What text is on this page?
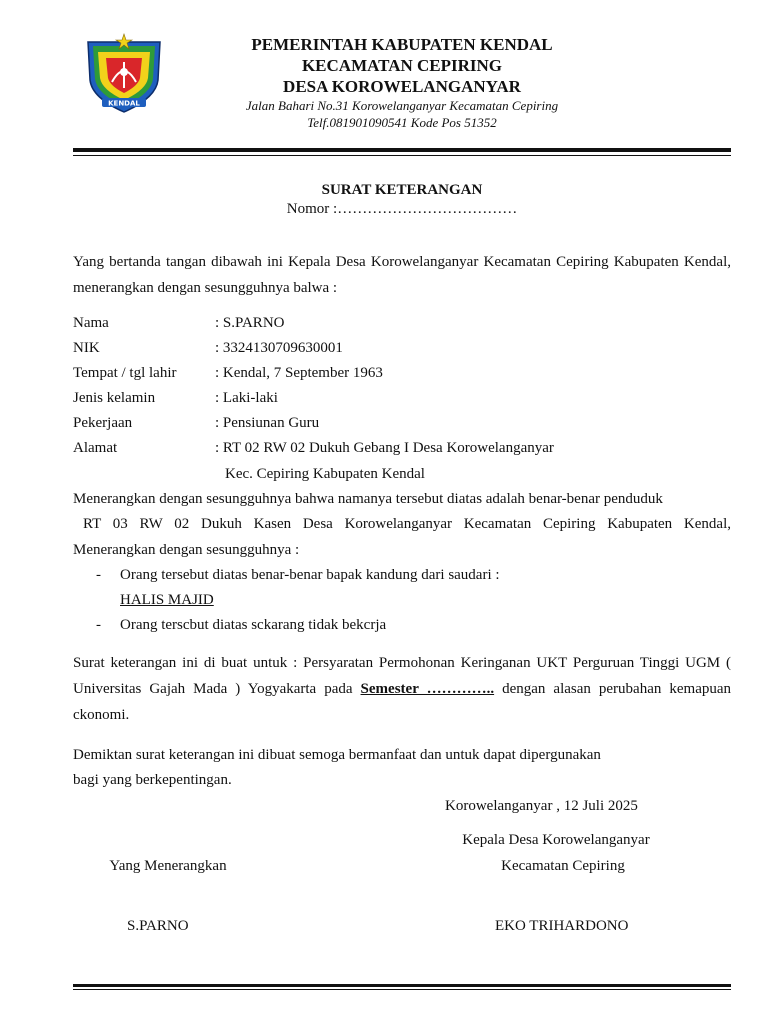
KENDAL
PEMERINTAH KABUPATEN KENDAL
KECAMATAN CEPIRING
DESA KOROWELANGANYAR
Jalan Bahari No.31 Korowelanganyar Kecamatan Cepiring
Telf.081901090541 Kode Pos 51352
SURAT KETERANGAN
Nomor :………………………………
Yang bertanda tangan dibawah ini Kepala Desa Korowelanganyar Kecamatan Cepiring Kabupaten Kendal, menerangkan dengan sesungguhnya balwa :
Nama	: S.PARNO
NIK	: 3324130709630001
Tempat / tgl lahir	: Kendal, 7 September 1963
Jenis kelamin	: Laki-laki
Pekerjaan	: Pensiunan Guru
Alamat	: RT 02 RW 02 Dukuh Gebang I Desa Korowelanganyar
Kec. Cepiring Kabupaten Kendal
Menerangkan dengan sesungguhnya bahwa namanya tersebut diatas adalah benar-benar penduduk
RT 03 RW 02 Dukuh Kasen Desa Korowelanganyar Kecamatan Cepiring Kabupaten Kendal,
Menerangkan dengan sesungguhnya :
- Orang tersebut diatas benar-benar bapak kandung dari saudari :
HALIS MAJID
- Orang terscbut diatas sckarang tidak bekcrja
Surat keterangan ini di buat untuk : Persyaratan Permohonan Keringanan UKT Perguruan Tinggi UGM ( Universitas Gajah Mada ) Yogyakarta pada Semester ………….. dengan alasan perubahan kemapuan ckonomi.
Demiktan surat keterangan ini dibuat semoga bermanfaat dan untuk dapat dipergunakan
bagi yang berkepentingan.
Korowelanganyar , 12 Juli 2025
Kepala Desa Korowelanganyar
Yang Menerangkan	Kecamatan Cepiring
S.PARNO	EKO TRIHARDONO
